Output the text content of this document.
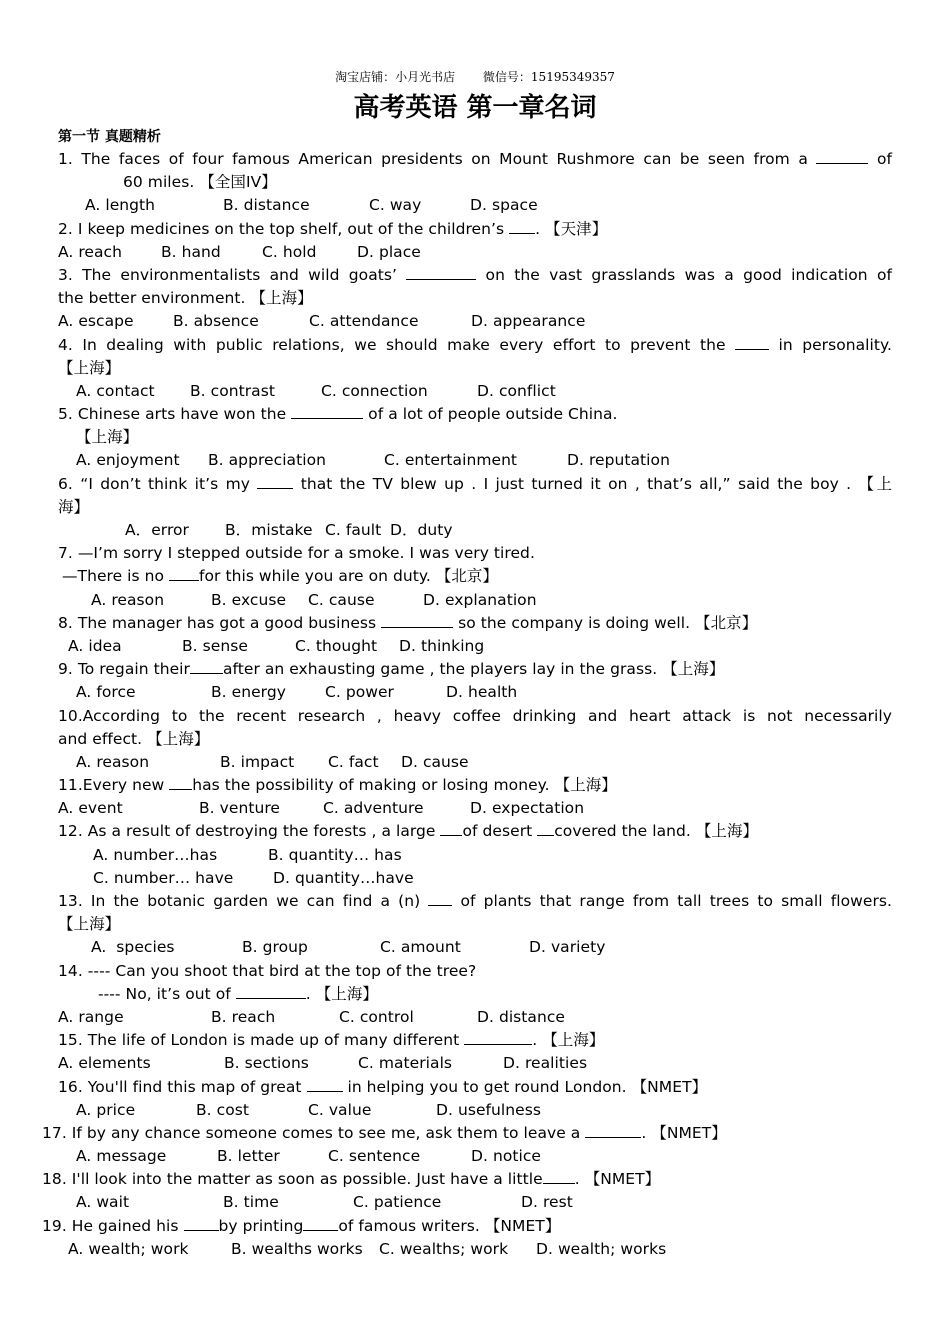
淘宝店铺：小月光书店 微信号：15195349357
高考英语 第一章名词
第一节 真题精析
1. The faces of four famous American presidents on Mount Rushmore can be seen from a	of
60 miles. 【全国IV】
A. length	B. distance	C. way	D. space
2. I keep medicines on the top shelf, out of the children’s . 【天津】
A. reach	B. hand	C. hold	D. place
3. The environmentalists and wild goats’	on the vast grasslands was a good indication of
the better environment. 【上海】
A. escape	B. absence	C. attendance	D. appearance
4. In dealing with public relations, we should make every effort to prevent the	in personality.
【上海】
A. contact B. contrast	C. connection	D. conflict
5. Chinese arts have won the	of a lot of people outside China.
【上海】
A. enjoyment B. appreciation	C. entertainment	D. reputation
6. “I don’t think it’s my	that the TV blew up . I just turned it on , that’s all,” said the boy . 【上
海】
A．error B．mistake C. fault D．duty
7. —I’m sorry I stepped outside for a smoke. I was very tired.
—There is no for this while you are on duty. 【北京】
A. reason	B. excuse C. cause	D. explanation
8. The manager has got a good business	so the company is doing well. 【北京】
A. idea	B. sense	C. thought D. thinking
9. To regain their after an exhausting game , the players lay in the grass. 【上海】
A. force	B. energy	C. power	D. health
10.According to the recent research , heavy coffee drinking and heart attack is not necessarily
and effect. 【上海】
A. reason	B. impact C. fact D. cause
11.Every new has the possibility of making or losing money. 【上海】
A. event	B. venture	C. adventure	D. expectation
12. As a result of destroying the forests , a large of desert covered the land. 【上海】
A. number…has	B. quantity… has
C. number… have	D. quantity…have
13. In the botanic garden we can find a (n)	of plants that range from tall trees to small flowers.
【上海】
A.  species	B. group	C. amount	D. variety
14. ---- Can you shoot that bird at the top of the tree?
---- No, it’s out of	. 【上海】
A. range	B. reach	C. control	D. distance
15. The life of London is made up of many different	. 【上海】
A. elements	B. sections	C. materials	D. realities
16. You'll find this map of great  in helping you to get round London. 【NMET】
A. price	B. cost	C. value	D. usefulness
17. If by any chance someone comes to see me, ask them to leave a	. 【NMET】
A. message	B. letter	C. sentence	D. notice
18. I'll look into the matter as soon as possible. Just have a little . 【NMET】
A. wait	B. time	C. patience	D. rest
19. He gained his by printing of famous writers. 【NMET】
A. wealth; work	B. wealths works C. wealths; work D. wealth; works
